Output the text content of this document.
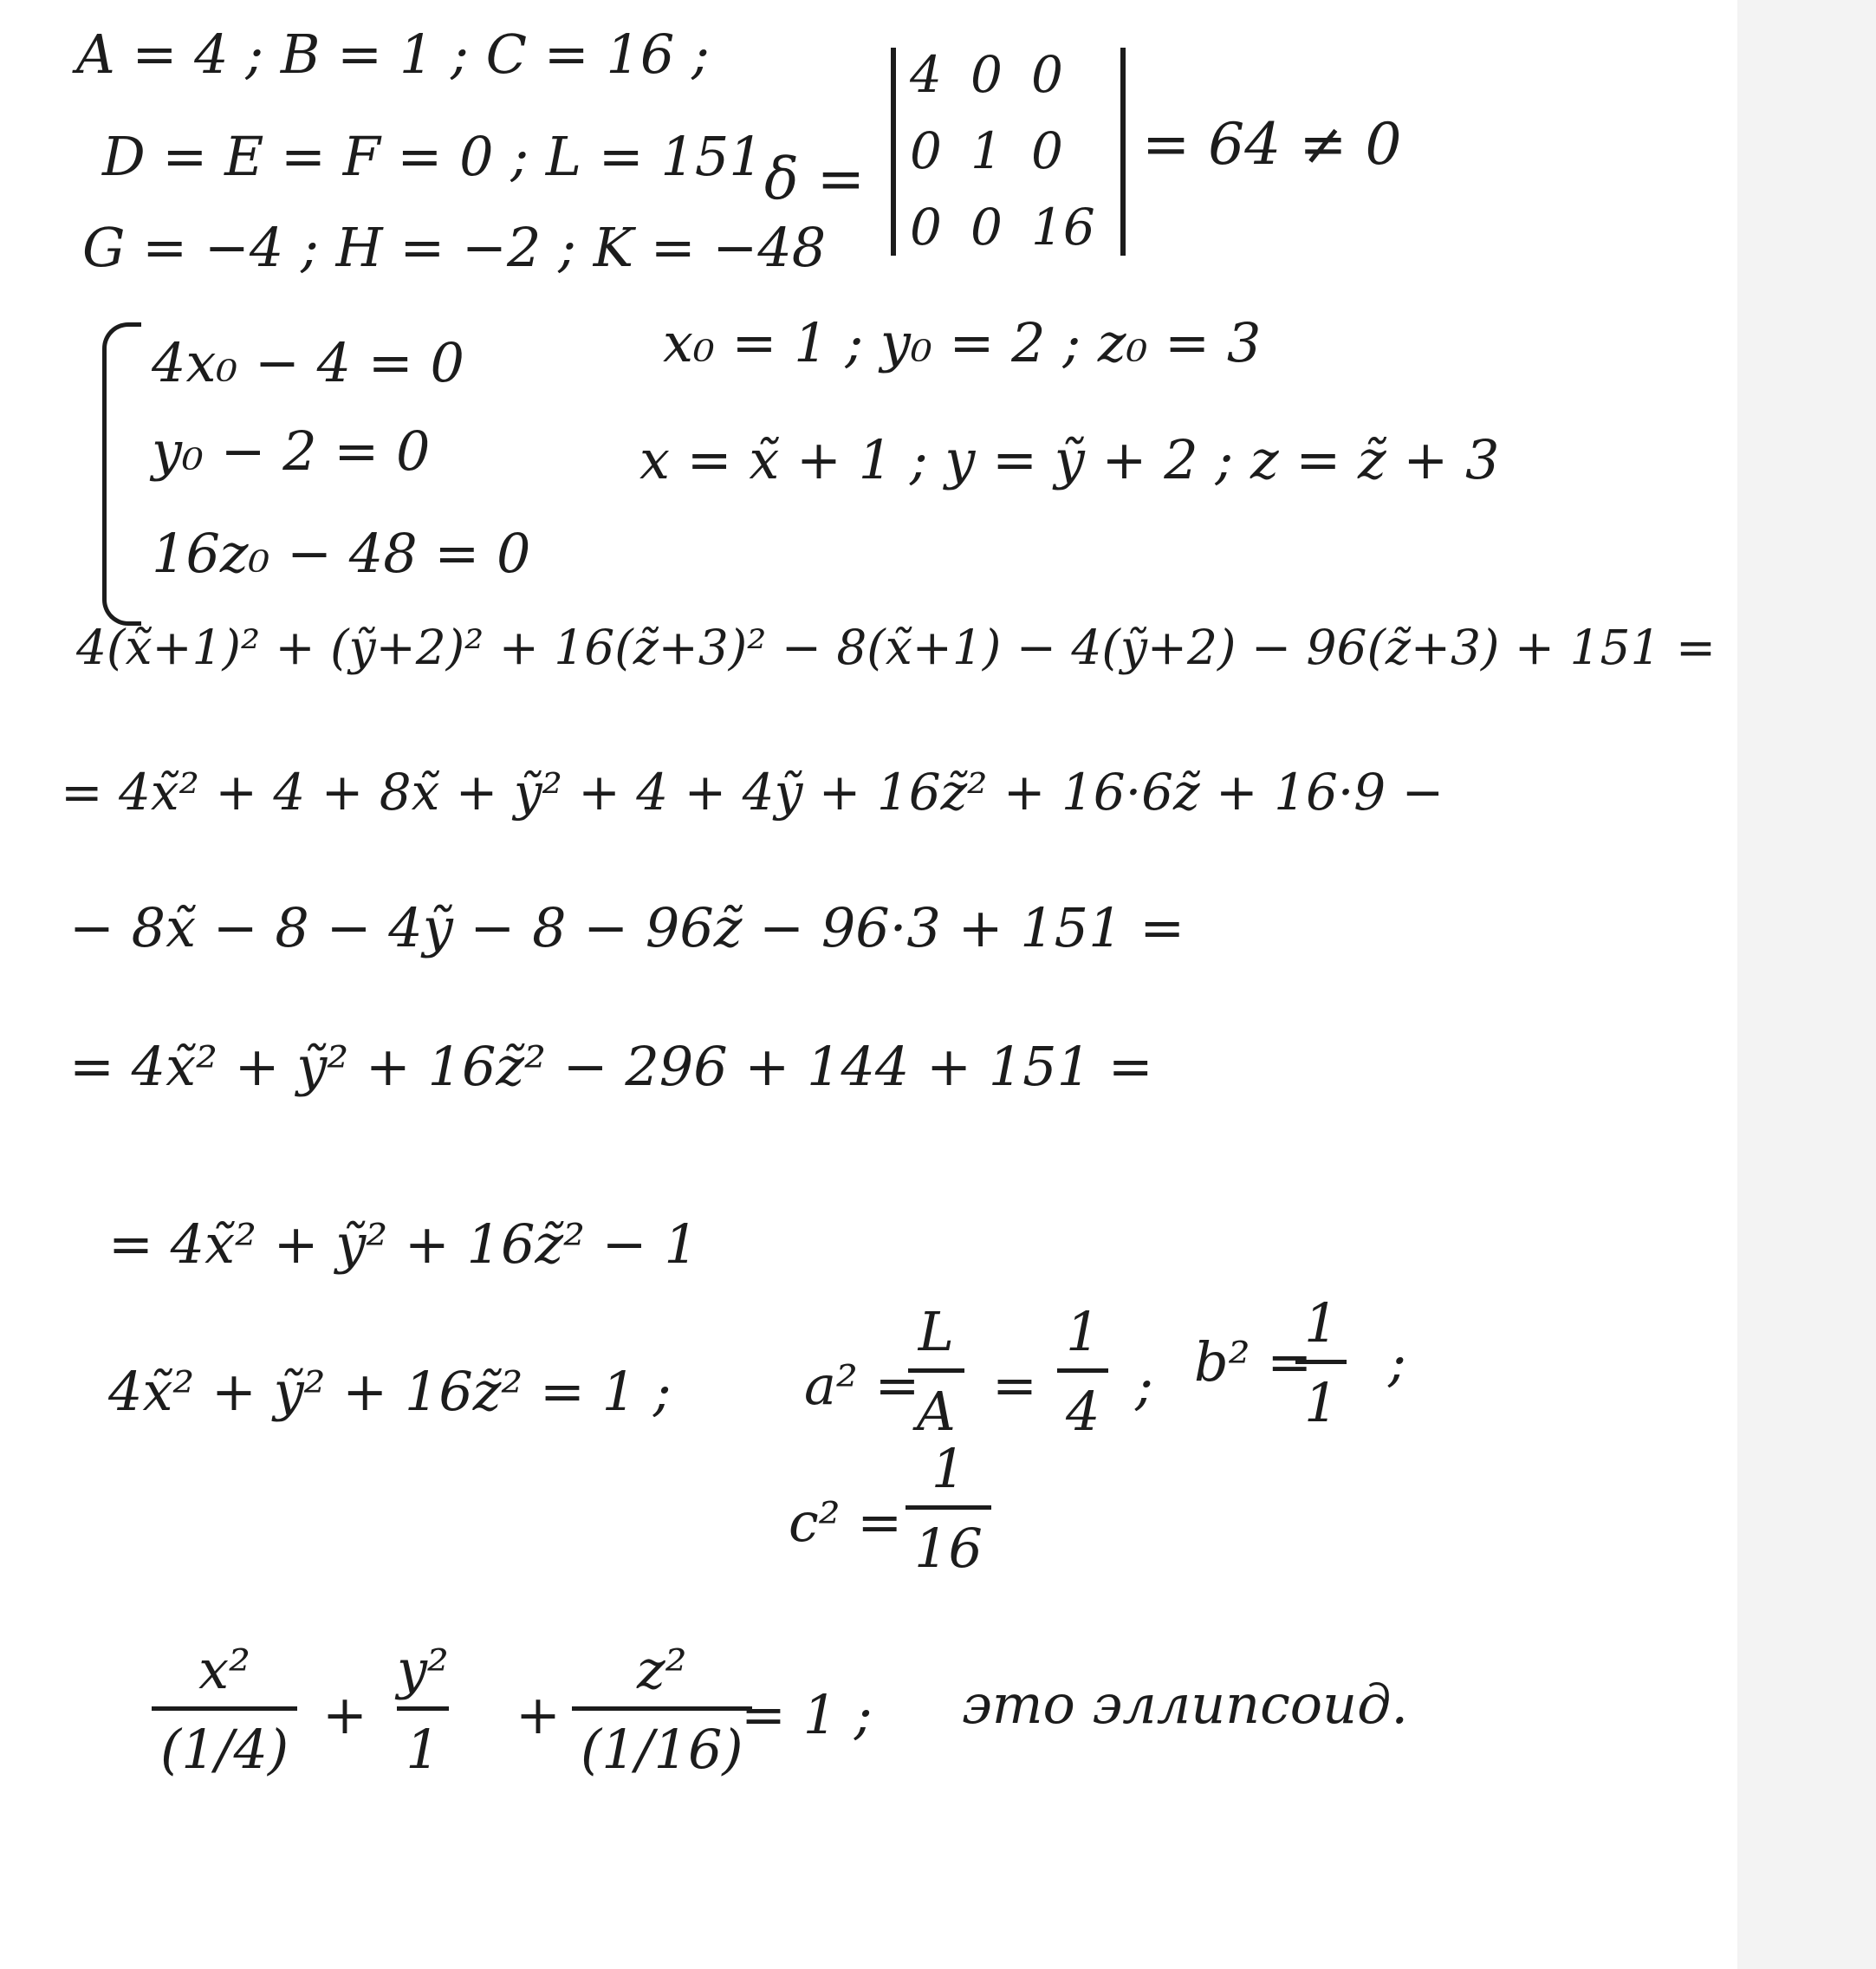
A = 4 ; B = 1 ; C = 16 ;
D = E = F = 0 ; L = 151
G = −4 ; H = −2 ; K = −48
δ =
4 0 0
0 1 0
0 0 16
= 64 ≠ 0
4x₀ − 4 = 0
y₀ − 2 = 0
16z₀ − 48 = 0
x₀ = 1 ; y₀ = 2 ; z₀ = 3
x = x̃ + 1 ; y = ỹ + 2 ; z = z̃ + 3
4(x̃+1)² + (ỹ+2)² + 16(z̃+3)² − 8(x̃+1) − 4(ỹ+2) − 96(z̃+3) + 151 =
= 4x̃² + 4 + 8x̃ + ỹ² + 4 + 4ỹ + 16z̃² + 16·6z̃ + 16·9 −
− 8x̃ − 8 − 4ỹ − 8 − 96z̃ − 96·3 + 151 =
= 4x̃² + ỹ² + 16z̃² − 296 + 144 + 151 =
= 4x̃² + ỹ² + 16z̃² − 1
4x̃² + ỹ² + 16z̃² = 1 ; a² =
$\frac{L}{A} = \frac{1}{4}$ ; b² =
$\frac{1}{1}$ ;
$c^2 = \frac{1}{16}$
$\frac{\text{x²}}{(1/4)} + \frac{\text{y²}}{1} + \frac{\text{z²}}{(1/16)}$
= 1 ; это эллипсоид.
